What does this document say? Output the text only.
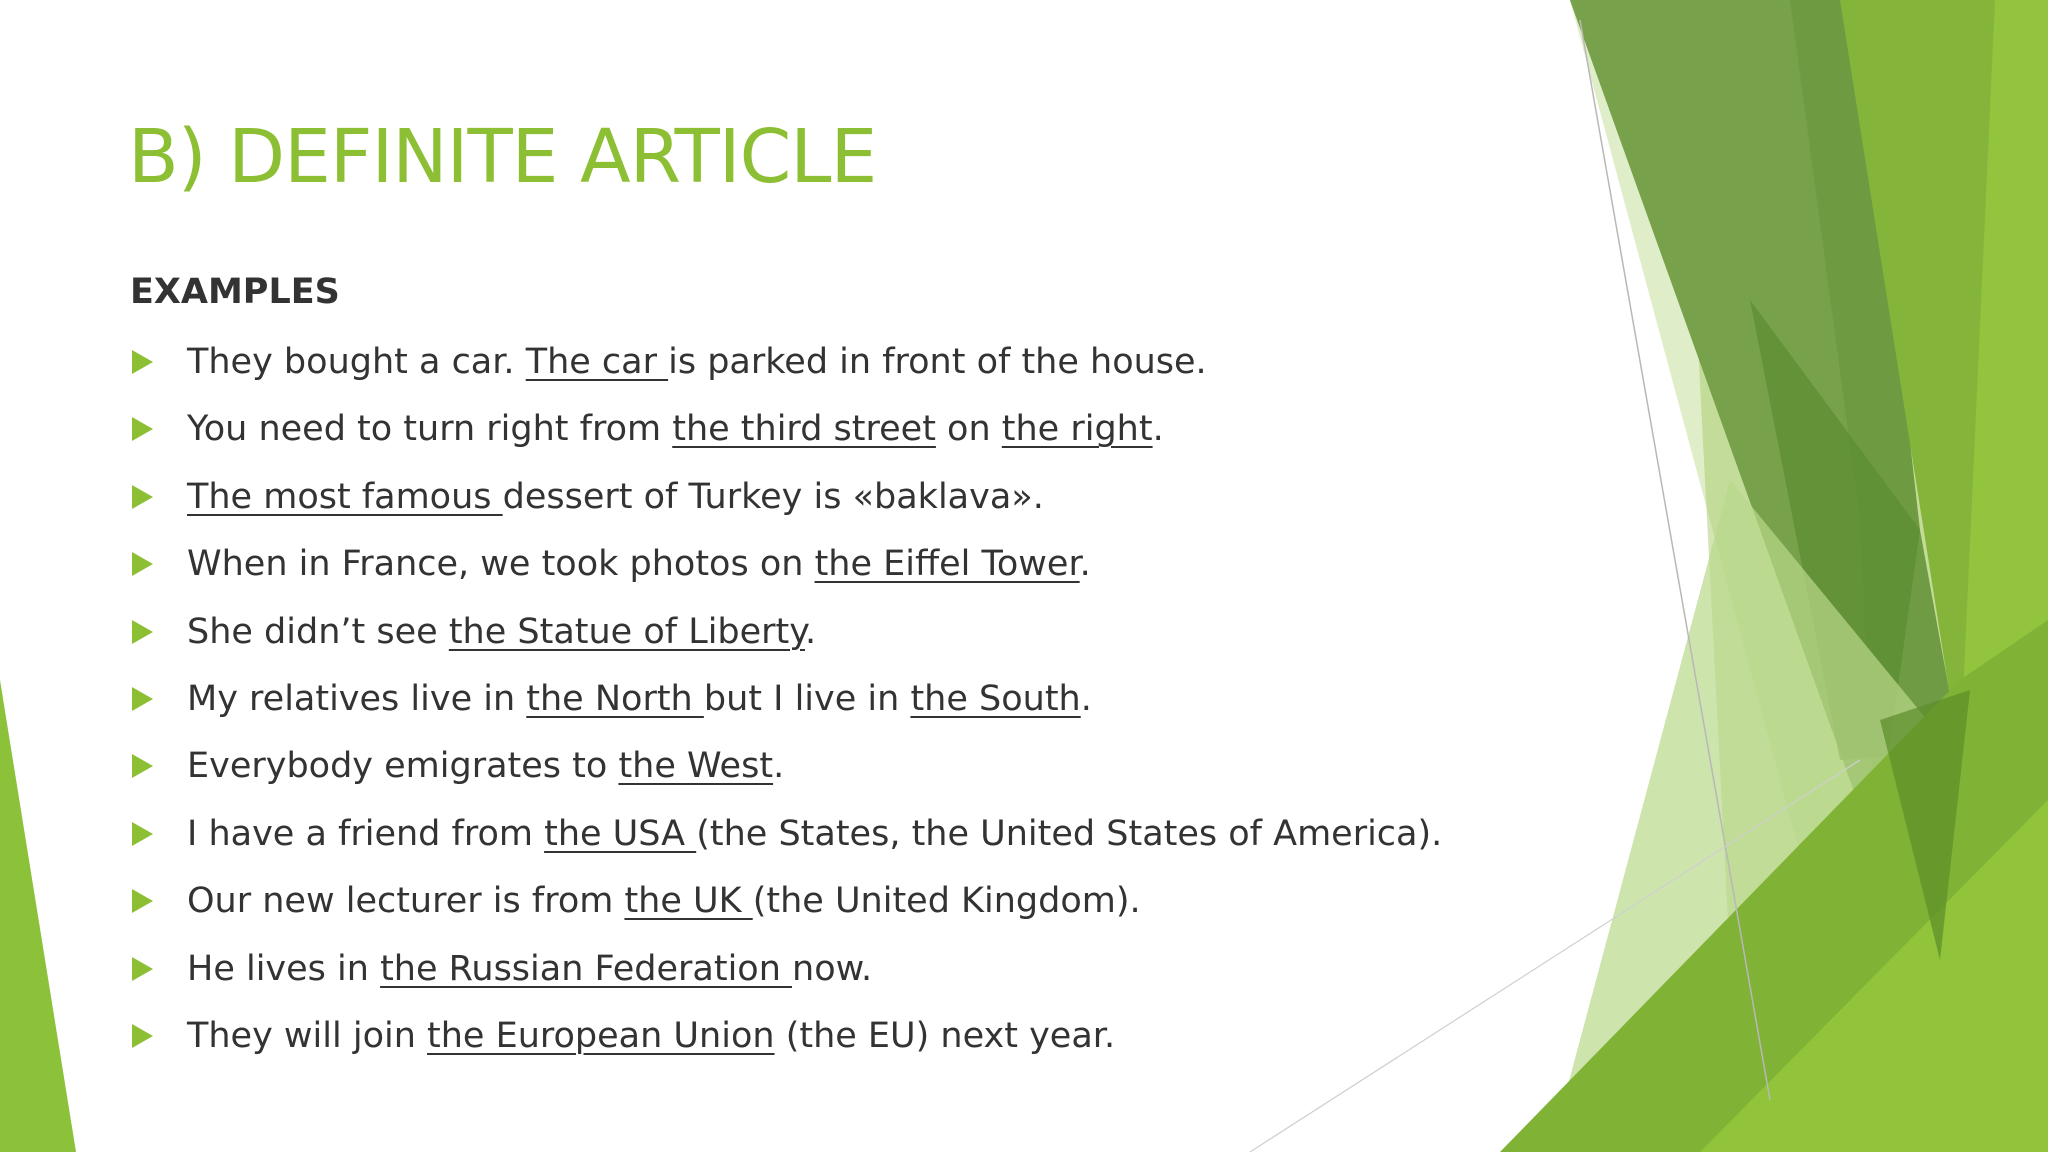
B) DEFINITE ARTICLE
EXAMPLES
They bought a car. The car is parked in front of the house.
You need to turn right from the third street on the right.
The most famous dessert of Turkey is «baklava».
When in France, we took photos on the Eiffel Tower.
She didn’t see the Statue of Liberty.
My relatives live in the North but I live in the South.
Everybody emigrates to the West.
I have a friend from the USA (the States, the United States of America).
Our new lecturer is from the UK (the United Kingdom).
He lives in the Russian Federation now.
They will join the European Union (the EU) next year.
